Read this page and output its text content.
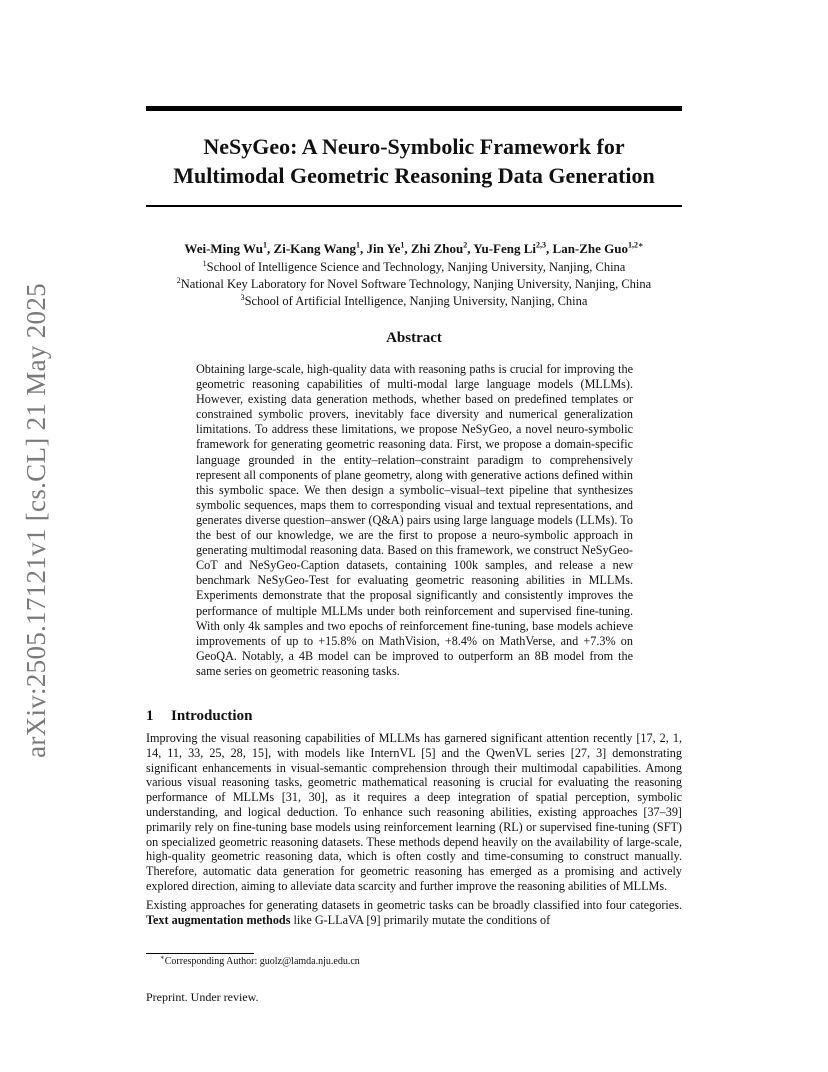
arXiv:2505.17121v1 [cs.CL] 21 May 2025
NeSyGeo: A Neuro-Symbolic Framework for
Multimodal Geometric Reasoning Data Generation
Wei-Ming Wu$^1$, Zi-Kang Wang$^1$, Jin Ye$^1$, Zhi Zhou$^2$, Yu-Feng Li$^{2,3}$, Lan-Zhe Guo$^{1,2∗}$
$^1$School of Intelligence Science and Technology, Nanjing University, Nanjing, China
$^2$National Key Laboratory for Novel Software Technology, Nanjing University, Nanjing, China
$^3$School of Artificial Intelligence, Nanjing University, Nanjing, China
Abstract
Obtaining large-scale, high-quality data with reasoning paths is crucial for improving the geometric reasoning capabilities of multi-modal large language models (MLLMs). However, existing data generation methods, whether based on predefined templates or constrained symbolic provers, inevitably face diversity and numerical generalization limitations. To address these limitations, we propose NeSyGeo, a novel neuro-symbolic framework for generating geometric reasoning data. First, we propose a domain-specific language grounded in the entity–relation–constraint paradigm to comprehensively represent all components of plane geometry, along with generative actions defined within this symbolic space. We then design a symbolic–visual–text pipeline that synthesizes symbolic sequences, maps them to corresponding visual and textual representations, and generates diverse question–answer (Q&A) pairs using large language models (LLMs). To the best of our knowledge, we are the first to propose a neuro-symbolic approach in generating multimodal reasoning data. Based on this framework, we construct NeSyGeo-CoT and NeSyGeo-Caption datasets, containing 100k samples, and release a new benchmark NeSyGeo-Test for evaluating geometric reasoning abilities in MLLMs. Experiments demonstrate that the proposal significantly and consistently improves the performance of multiple MLLMs under both reinforcement and supervised fine-tuning. With only 4k samples and two epochs of reinforcement fine-tuning, base models achieve improvements of up to +15.8% on MathVision, +8.4% on MathVerse, and +7.3% on GeoQA. Notably, a 4B model can be improved to outperform an 8B model from the same series on geometric reasoning tasks.
1 Introduction

Improving the visual reasoning capabilities of MLLMs has garnered significant attention recently [17, 2, 1, 14, 11, 33, 25, 28, 15], with models like InternVL [5] and the QwenVL series [27, 3] demonstrating significant enhancements in visual-semantic comprehension through their multimodal capabilities. Among various visual reasoning tasks, geometric mathematical reasoning is crucial for evaluating the reasoning performance of MLLMs [31, 30], as it requires a deep integration of spatial perception, symbolic understanding, and logical deduction. To enhance such reasoning abilities, existing approaches [37–39] primarily rely on fine-tuning base models using reinforcement learning (RL) or supervised fine-tuning (SFT) on specialized geometric reasoning datasets. These methods depend heavily on the availability of large-scale, high-quality geometric reasoning data, which is often costly and time-consuming to construct manually. Therefore, automatic data generation for geometric reasoning has emerged as a promising and actively explored direction, aiming to alleviate data scarcity and further improve the reasoning abilities of MLLMs.

Existing approaches for generating datasets in geometric tasks can be broadly classified into four categories. Text augmentation methods like G-LLaVA [9] primarily mutate the conditions of

∗Corresponding Author: guolz@lamda.nju.edu.cn
Preprint. Under review.
